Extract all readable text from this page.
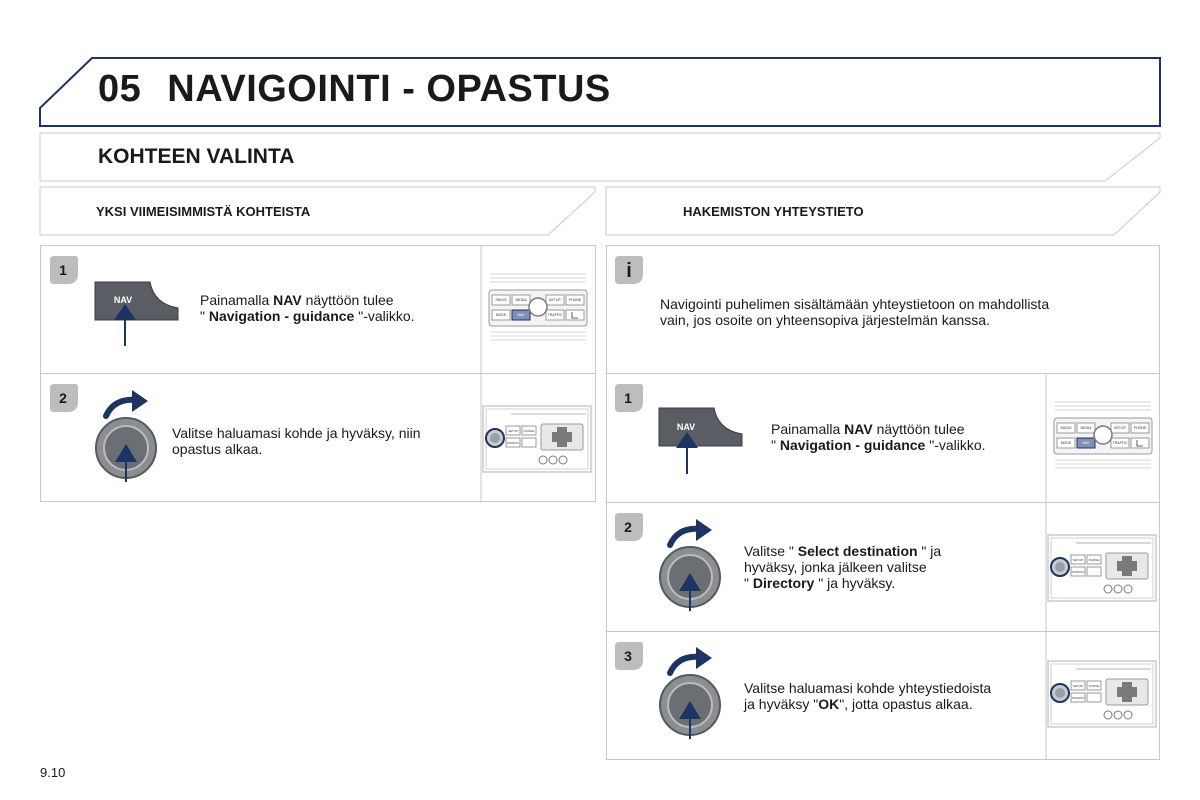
05 NAVIGOINTI - OPASTUS
KOHTEEN VALINTA
YKSI VIIMEISIMMISTÄ KOHTEISTA	HAKEMISTON YHTEYSTIETO
1
2
i
1
2
3
NAV
NAV
RADIO	MEDIA	SETUP PHONE
MODE	NAV	TRAFFIC
RADIO	MEDIA	SETUP PHONE
MODE	NAV	TRAFFIC
SETUP PHONE
TRAFFIC
SETUP PHONE
TRAFFIC
SETUP PHONE
TRAFFIC
Painamalla NAV näyttöön tulee
" Navigation - guidance "-valikko.
Valitse haluamasi kohde ja hyväksy, niin
opastus alkaa.
Navigointi puhelimen sisältämään yhteystietoon on mahdollista
vain, jos osoite on yhteensopiva järjestelmän kanssa.
Painamalla NAV näyttöön tulee
" Navigation - guidance "-valikko.
Valitse " Select destination " ja
hyväksy, jonka jälkeen valitse
" Directory " ja hyväksy.
Valitse haluamasi kohde yhteystiedoista
ja hyväksy "OK", jotta opastus alkaa.
9.10
